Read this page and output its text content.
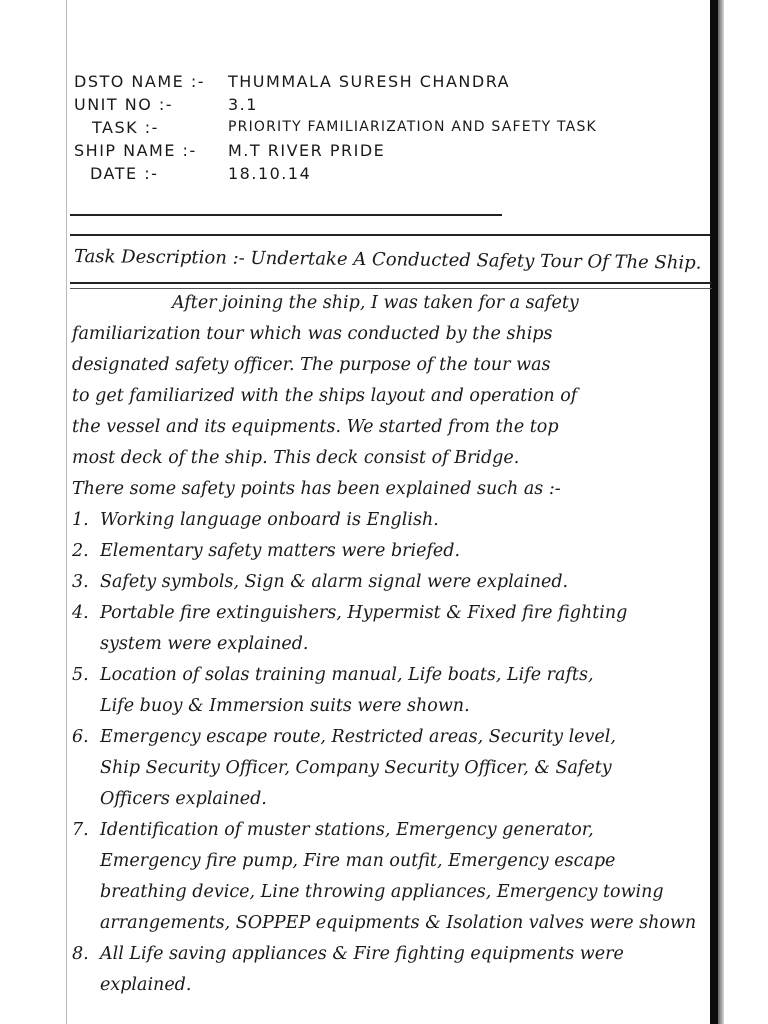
DSTO NAME :-	THUMMALA SURESH CHANDRA
UNIT NO :-	3.1
TASK :-	PRIORITY FAMILIARIZATION AND SAFETY TASK
SHIP NAME :-	M.T RIVER PRIDE
DATE :-	18.10.14
Task Description :- Undertake A Conducted Safety Tour Of The Ship.
After joining the ship, I was taken for a safety
familiarization tour which was conducted by the ships
designated safety officer. The purpose of the tour was
to get familiarized with the ships layout and operation of
the vessel and its equipments. We started from the top
most deck of the ship. This deck consist of Bridge.
There some safety points has been explained such as :-
1. Working language onboard is English.
2. Elementary safety matters were briefed.
3. Safety symbols, Sign & alarm signal were explained.
4. Portable fire extinguishers, Hypermist & Fixed fire fighting
system were explained.
5. Location of solas training manual, Life boats, Life rafts,
Life buoy & Immersion suits were shown.
6. Emergency escape route, Restricted areas, Security level,
Ship Security Officer, Company Security Officer, & Safety
Officers explained.
7. Identification of muster stations, Emergency generator,
Emergency fire pump, Fire man outfit, Emergency escape
breathing device, Line throwing appliances, Emergency towing
arrangements, SOPPEP equipments & Isolation valves were shown
8. All Life saving appliances & Fire fighting equipments were
explained.
